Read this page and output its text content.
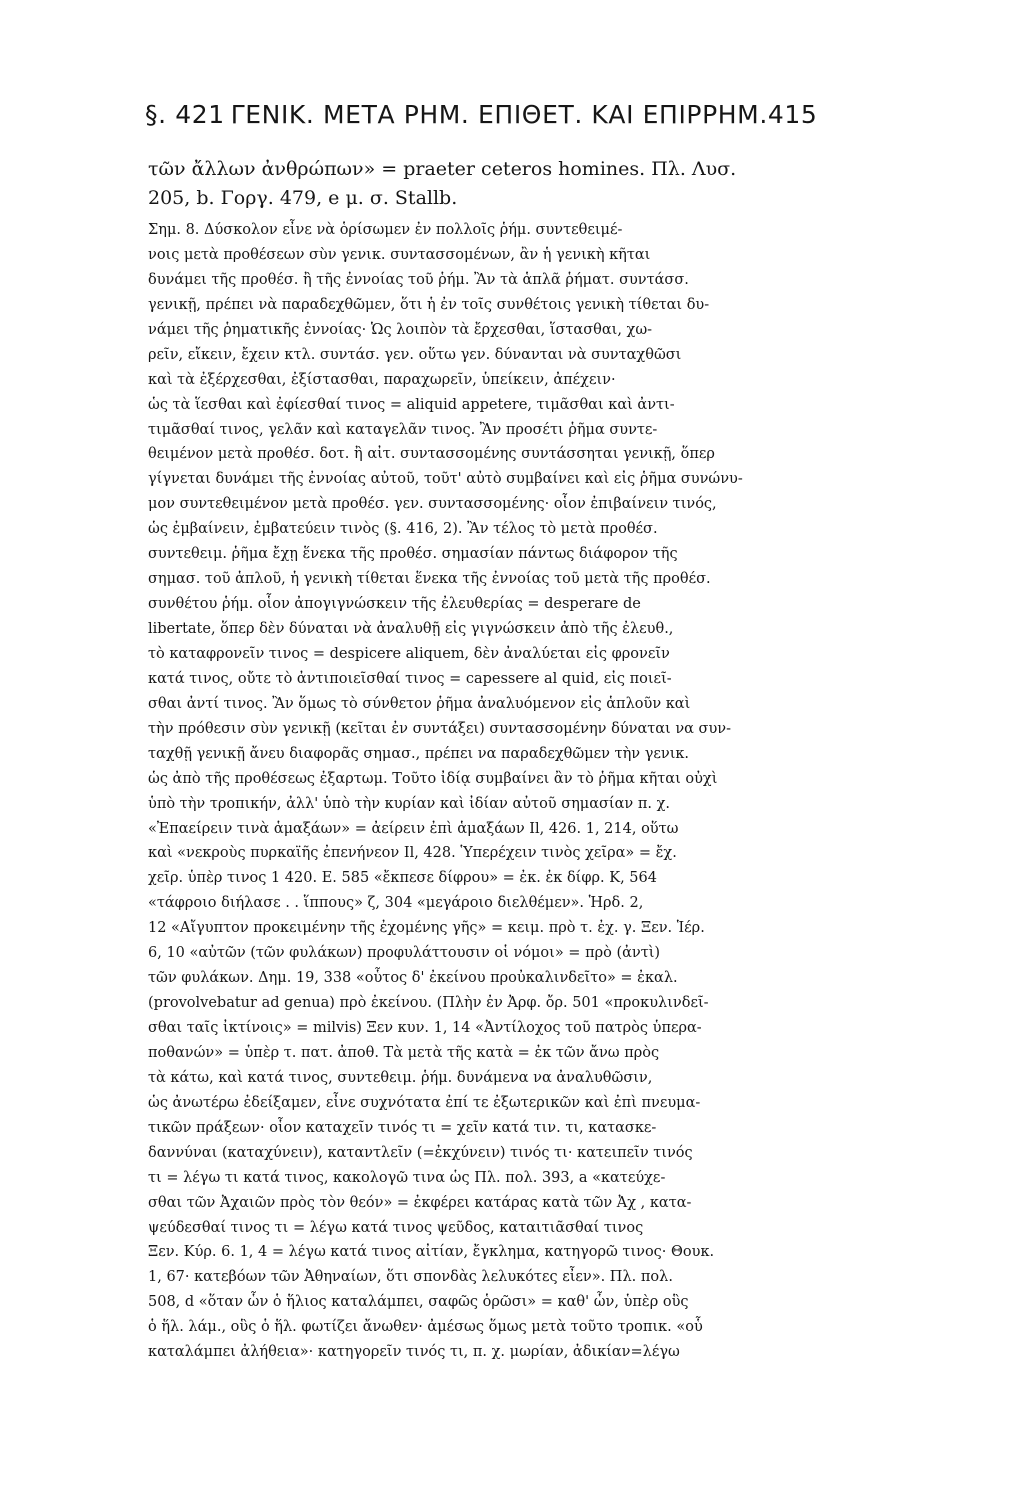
§. 421 ΓΕΝΙΚ. ΜΕΤΑ ΡΗΜ. ΕΠΙΘΕΤ. ΚΑΙ ΕΠΙΡΡΗΜ. 415
τῶν ἄλλων ἀνθρώπων» = praeter ceteros homines. Πλ. Λυσ.
205, b. Γοργ. 479, e μ. σ. Stallb.
Σημ. 8. Δύσκολον εἶνε νὰ ὁρίσωμεν ἐν πολλοῖς ῥήμ. συντεθειμέ-
νοις μετὰ προθέσεων σὺν γενικ. συντασσομένων, ἂν ἡ γενικὴ κῆται
δυνάμει τῆς προθέσ. ἢ τῆς ἐννοίας τοῦ ῥήμ. Ἂν τὰ ἁπλᾶ ῥήματ. συντάσσ.
γενικῇ, πρέπει νὰ παραδεχθῶμεν, ὅτι ἡ ἐν τοῖς συνθέτοις γενικὴ τίθεται δυ-
νάμει τῆς ῥηματικῆς ἐννοίας· Ὡς λοιπὸν τὰ ἔρχεσθαι, ἵστασθαι, χω-
ρεῖν, εἴκειν, ἔχειν κτλ. συντάσ. γεν. οὕτω γεν. δύνανται νὰ συνταχθῶσι
καὶ τὰ ἐξέρχεσθαι, ἐξίστασθαι, παραχωρεῖν, ὑπείκειν, ἀπέχειν·
ὡς τὰ ἵεσθαι καὶ ἐφίεσθαί τινος = aliquid appetere, τιμᾶσθαι καὶ ἀντι-
τιμᾶσθαί τινος, γελᾶν καὶ καταγελᾶν τινος. Ἂν προσέτι ῥῆμα συντε-
θειμένον μετὰ προθέσ. δοτ. ἢ αἰτ. συντασσομένης συντάσσηται γενικῇ, ὅπερ
γίγνεται δυνάμει τῆς ἐννοίας αὐτοῦ, τοῦτ' αὐτὸ συμβαίνει καὶ εἰς ῥῆμα συνώνυ-
μον συντεθειμένον μετὰ προθέσ. γεν. συντασσομένης· οἷον ἐπιβαίνειν τινός,
ὡς ἐμβαίνειν, ἐμβατεύειν τινὸς (§. 416, 2). Ἂν τέλος τὸ μετὰ προθέσ.
συντεθειμ. ῥῆμα ἔχῃ ἕνεκα τῆς προθέσ. σημασίαν πάντως διάφορον τῆς
σημασ. τοῦ ἁπλοῦ, ἡ γενικὴ τίθεται ἕνεκα τῆς ἐννοίας τοῦ μετὰ τῆς προθέσ.
συνθέτου ῥήμ. οἷον ἀπογιγνώσκειν τῆς ἐλευθερίας = desperare de
libertate, ὅπερ δὲν δύναται νὰ ἀναλυθῇ εἰς γιγνώσκειν ἀπὸ τῆς ἐλευθ.,
τὸ καταφρονεῖν τινος = despicere aliquem, δὲν ἀναλύεται εἰς φρονεῖν
κατά τινος, οὔτε τὸ ἀντιποιεῖσθαί τινος = capessere al quid, εἰς ποιεῖ-
σθαι ἀντί τινος. Ἂν ὅμως τὸ σύνθετον ῥῆμα ἀναλυόμενον εἰς ἁπλοῦν καὶ
τὴν πρόθεσιν σὺν γενικῇ (κεῖται ἐν συντάξει) συντασσομένην δύναται να συν-
ταχθῇ γενικῇ ἄνευ διαφορᾶς σημασ., πρέπει να παραδεχθῶμεν τὴν γενικ.
ὡς ἀπὸ τῆς προθέσεως ἐξαρτωμ. Τοῦτο ἰδίᾳ συμβαίνει ἂν τὸ ῥῆμα κῆται οὐχὶ
ὑπὸ τὴν τροπικήν, ἀλλ' ὑπὸ τὴν κυρίαν καὶ ἰδίαν αὐτοῦ σημασίαν π. χ.
«Ἐπαείρειν τινὰ ἁμαξάων» = ἀείρειν ἐπὶ ἁμαξάων Il, 426. 1, 214, οὕτω
καὶ «νεκροὺς πυρκαϊῆς ἐπενήνεον Il, 428. Ὑπερέχειν τινὸς χεῖρα» = ἔχ.
χεῖρ. ὑπὲρ τινος 1 420. Ε. 585 «ἔκπεσε δίφρου» = ἐκ. ἐκ δίφρ. Κ, 564
«τάφροιο διήλασε . . ἵππους» ζ, 304 «μεγάροιο διελθέμεν». Ἡρδ. 2,
12 «Αἴγυπτον προκειμένην τῆς ἐχομένης γῆς» = κειμ. πρὸ τ. ἐχ. γ. Ξεν. Ἱέρ.
6, 10 «αὐτῶν (τῶν φυλάκων) προφυλάττουσιν οἱ νόμοι» = πρὸ (ἀντὶ)
τῶν φυλάκων. Δημ. 19, 338 «οὗτος δ' ἐκείνου προὐκαλινδεῖτο» = ἐκαλ.
(provolvebatur ad genua) πρὸ ἐκείνου. (Πλὴν ἐν Ἀρφ. ὄρ. 501 «προκυλινδεῖ-
σθαι ταῖς ἰκτίνοις» = milvis) Ξεν κυν. 1, 14 «Ἀντίλοχος τοῦ πατρὸς ὑπερα-
ποθανών» = ὑπὲρ τ. πατ. ἀποθ. Τὰ μετὰ τῆς κατὰ = ἐκ τῶν ἄνω πρὸς
τὰ κάτω, καὶ κατά τινος, συντεθειμ. ῥήμ. δυνάμενα να ἀναλυθῶσιν,
ὡς ἀνωτέρω ἐδείξαμεν, εἶνε συχνότατα ἐπί τε ἐξωτερικῶν καὶ ἐπὶ πνευμα-
τικῶν πράξεων· οἷον καταχεῖν τινός τι = χεῖν κατά τιν. τι, κατασκε-
δαννύναι (καταχύνειν), καταντλεῖν (=ἐκχύνειν) τινός τι· κατειπεῖν τινός
τι = λέγω τι κατά τινος, κακολογῶ τινα ὡς Πλ. πολ. 393, a «κατεύχε-
σθαι τῶν Ἀχαιῶν πρὸς τὸν θεόν» = ἐκφέρει κατάρας κατὰ τῶν Ἀχ , κατα-
ψεύδεσθαί τινος τι = λέγω κατά τινος ψεῦδος, καταιτιᾶσθαί τινος
Ξεν. Κύρ. 6. 1, 4 = λέγω κατά τινος αἰτίαν, ἔγκλημα, κατηγορῶ τινος· Θουκ.
1, 67· κατεβόων τῶν Ἀθηναίων, ὅτι σπονδὰς λελυκότες εἶεν». Πλ. πολ.
508, d «ὅταν ὧν ὁ ἥλιος καταλάμπει, σαφῶς ὁρῶσι» = καθ' ὧν, ὑπὲρ οὓς
ὁ ἥλ. λάμ., οὓς ὁ ἥλ. φωτίζει ἄνωθεν· ἀμέσως ὅμως μετὰ τοῦτο τροπικ. «οὗ
καταλάμπει ἀλήθεια»· κατηγορεῖν τινός τι, π. χ. μωρίαν, ἀδικίαν=λέγω
